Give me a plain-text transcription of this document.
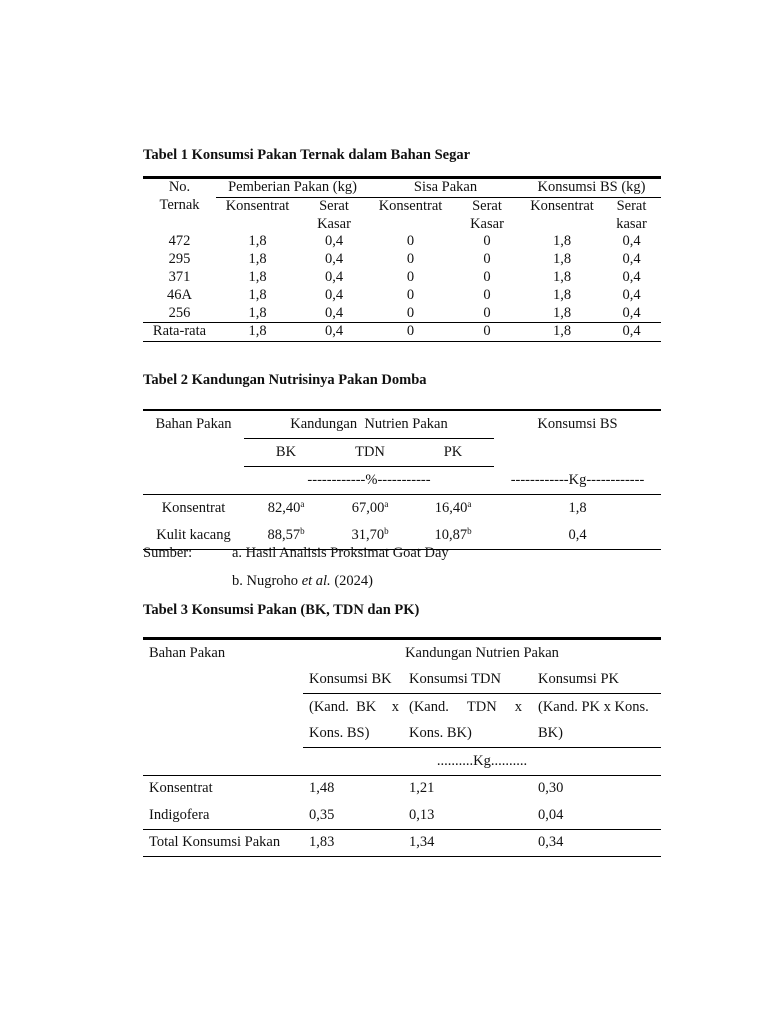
Tabel 1 Konsumsi Pakan Ternak dalam Bahan Segar
No.
Ternak	Pemberian Pakan (kg)		Sisa Pakan		Konsumsi BS (kg)	
	Konsentrat	Serat	Konsentrat	Serat	Konsentrat	Serat
		Kasar		Kasar		kasar
472	1,8	0,4	0	0	1,8	0,4
295	1,8	0,4	0	0	1,8	0,4
371	1,8	0,4	0	0	1,8	0,4
46A	1,8	0,4	0	0	1,8	0,4
256	1,8	0,4	0	0	1,8	0,4
Rata-rata	1,8	0,4	0	0	1,8	0,4
Tabel 2 Kandungan Nutrisinya Pakan Domba
Bahan Pakan	Kandungan  Nutrien Pakan			Konsumsi BS
	BK	TDN	PK	
	------------%-----------			------------Kg------------
Konsentrat	82,40$^a$	67,00$^a$	16,40$^a$	1,8
Kulit kacang	88,57$^b$	31,70$^b$	10,87$^b$	0,4
Sumber:	a. Hasil Analisis Proksimat Goat Day
b. Nugroho et al. (2024)
Tabel 3 Konsumsi Pakan (BK, TDN dan PK)
Bahan Pakan	Kandungan Nutrien Pakan		
	Konsumsi BK	Konsumsi TDN	Konsumsi PK

	(Kand.  BK x	(Kand. TDN x	(Kand. PK x Kons.
	Kons. BS)	Kons. BK)	BK)
	..........Kg..........		
Konsentrat	1,48	1,21	0,30
Indigofera	0,35	0,13	0,04
Total Konsumsi Pakan	1,83	1,34	0,34
